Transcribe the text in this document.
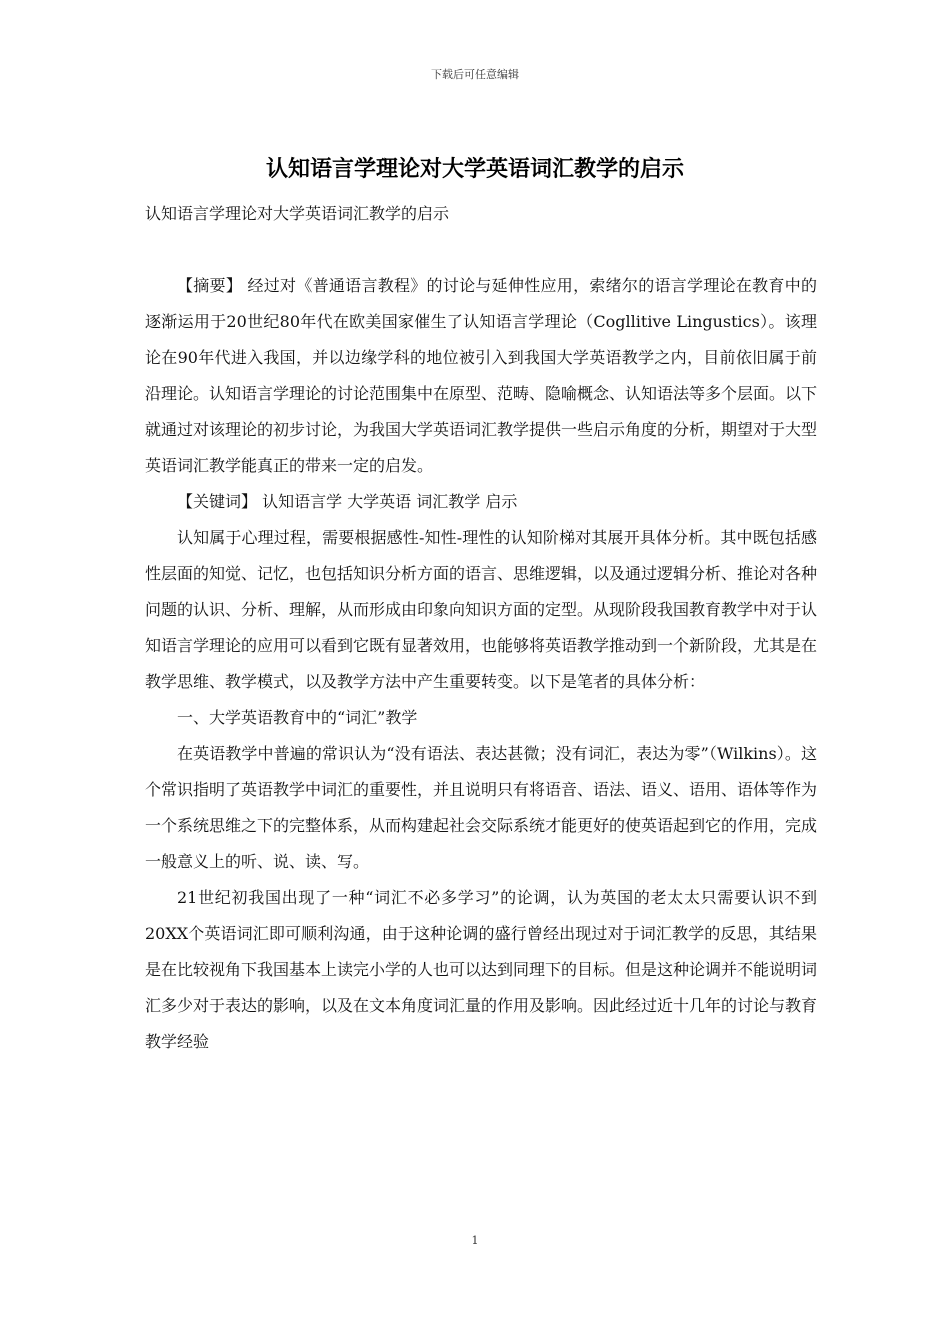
下载后可任意编辑
认知语言学理论对大学英语词汇教学的启示

认知语言学理论对大学英语词汇教学的启示

【摘要】 经过对《普通语言教程》的讨论与延伸性应用，索绪尔的语言学理论在教育中的逐渐运用于20世纪80年代在欧美国家催生了认知语言学理论（Cogllitive Lingustics）。该理论在90年代进入我国，并以边缘学科的地位被引入到我国大学英语教学之内，目前依旧属于前沿理论。认知语言学理论的讨论范围集中在原型、范畴、隐喻概念、认知语法等多个层面。以下就通过对该理论的初步讨论，为我国大学英语词汇教学提供一些启示角度的分析，期望对于大型英语词汇教学能真正的带来一定的启发。

【关键词】 认知语言学 大学英语 词汇教学 启示

认知属于心理过程，需要根据感性-知性-理性的认知阶梯对其展开具体分析。其中既包括感性层面的知觉、记忆，也包括知识分析方面的语言、思维逻辑，以及通过逻辑分析、推论对各种问题的认识、分析、理解，从而形成由印象向知识方面的定型。从现阶段我国教育教学中对于认知语言学理论的应用可以看到它既有显著效用，也能够将英语教学推动到一个新阶段，尤其是在教学思维、教学模式，以及教学方法中产生重要转变。以下是笔者的具体分析：

一、大学英语教育中的“词汇”教学

在英语教学中普遍的常识认为“没有语法、表达甚微；没有词汇，表达为零”（Wilkins）。这个常识指明了英语教学中词汇的重要性，并且说明只有将语音、语法、语义、语用、语体等作为一个系统思维之下的完整体系，从而构建起社会交际系统才能更好的使英语起到它的作用，完成一般意义上的听、说、读、写。

21世纪初我国出现了一种“词汇不必多学习”的论调，认为英国的老太太只需要认识不到20XX个英语词汇即可顺利沟通，由于这种论调的盛行曾经出现过对于词汇教学的反思，其结果是在比较视角下我国基本上读完小学的人也可以达到同理下的目标。但是这种论调并不能说明词汇多少对于表达的影响，以及在文本角度词汇量的作用及影响。因此经过近十几年的讨论与教育教学经验

1
